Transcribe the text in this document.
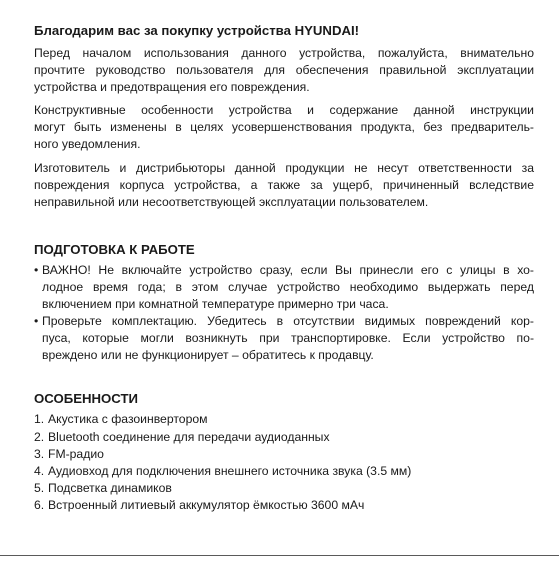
Благодарим вас за покупку устройства HYUNDAI!
Перед началом использования данного устройства, пожалуйста, внимательно
прочтите руководство пользователя для обеспечения правильной эксплуатации
устройства и предотвращения его повреждения.
Конструктивные особенности устройства и содержание данной инструкции
могут быть изменены в целях усовершенствования продукта, без предваритель-
ного уведомления.
Изготовитель и дистрибьюторы данной продукции не несут ответственности за
повреждения корпуса устройства, а также за ущерб, причиненный вследствие
неправильной или несоответствующей эксплуатации пользователем.
ПОДГОТОВКА К РАБОТЕ
• ВАЖНО! Не включайте устройство сразу, если Вы принесли его с улицы в хо-
лодное время года; в этом случае устройство необходимо выдержать перед
включением при комнатной температуре примерно три часа.
• Проверьте комплектацию. Убедитесь в отсутствии видимых повреждений кор-
пуса, которые могли возникнуть при транспортировке. Если устройство по-
вреждено или не функционирует – обратитесь к продавцу.
ОСОБЕННОСТИ
1. Акустика с фазоинвертором
2. Bluetooth соединение для передачи аудиоданных
3. FM-радио
4. Аудиовход для подключения внешнего источника звука (3.5 мм)
5. Подсветка динамиков
6. Встроенный литиевый аккумулятор ёмкостью 3600 мАч
